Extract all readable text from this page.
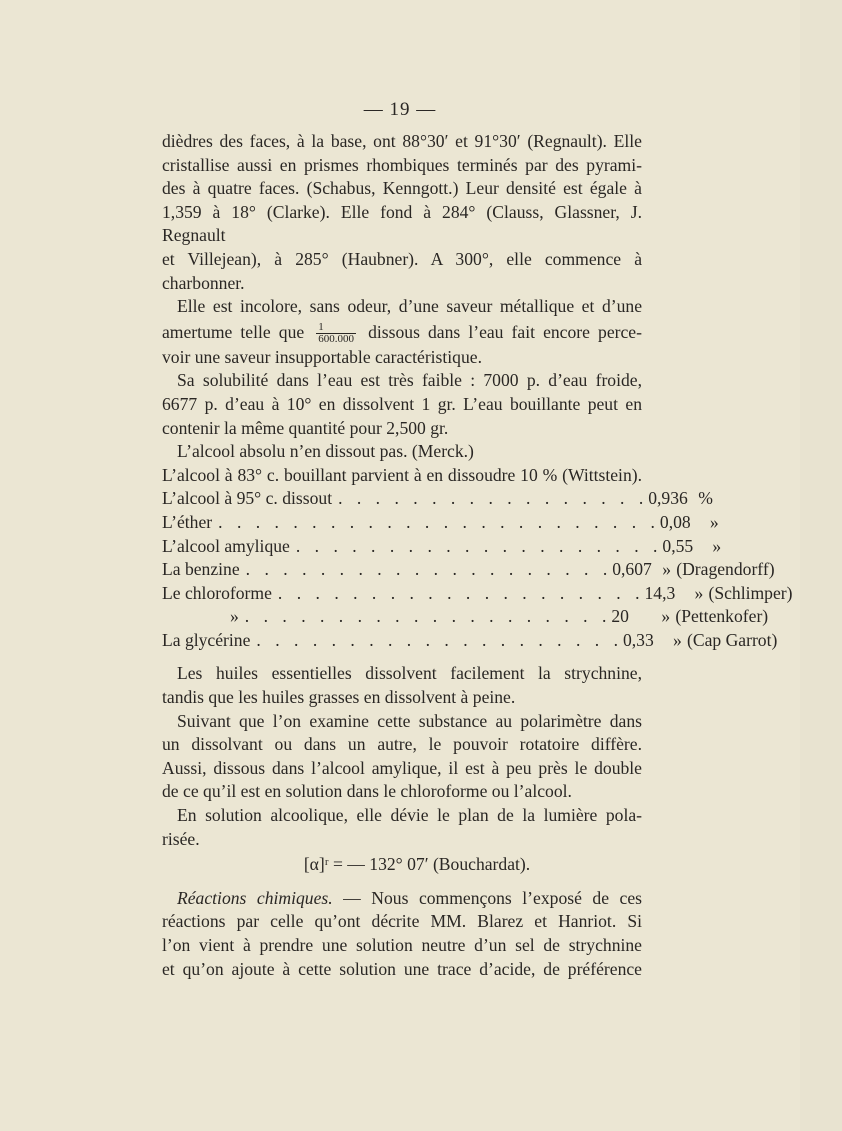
— 19 —

dièdres des faces, à la base, ont 88°30′ et 91°30′ (Regnault). Elle
cristallise aussi en prismes rhombiques terminés par des pyrami-
des à quatre faces. (Schabus, Kenngott.) Leur densité est égale à
1,359 à 18° (Clarke). Elle fond à 284° (Clauss, Glassner, J. Regnault
et Villejean), à 285° (Haubner). A 300°, elle commence à charbonner.

Elle est incolore, sans odeur, d’une saveur métallique et d’une
amertume telle que $\frac{1}{600.000}$ dissous dans l’eau fait encore perce-
voir une saveur insupportable caractéristique.

Sa solubilité dans l’eau est très faible : 7000 p. d’eau froide,
6677 p. d’eau à 10° en dissolvent 1 gr. L’eau bouillante peut en
contenir la même quantité pour 2,500 gr.

L’alcool absolu n’en dissout pas. (Merck.)
L’alcool à 83° c. bouillant parvient à en dissoudre 10 % (Wittstein).

L’alcool à 95° c. dissout . . . . . . . . . . . . . . . . . 0,936 %
L’éther . . . . . . . . . . . . . . . . . . . . . . . . 0,08	»
L’alcool amylique . . . . . . . . . . . . . . . . . . . . 0,55	»
La benzine . . . . . . . . . . . . . . . . . . . . 0,607 » (Dragendorff)
Le chloroforme . . . . . . . . . . . . . . . . . . . . 14,3	» (Schlimper)
» . . . . . . . . . . . . . . . . . . . . 20	» (Pettenkofer)
La glycérine . . . . . . . . . . . . . . . . . . . . 0,33	» (Cap Garrot)

Les huiles essentielles dissolvent facilement la strychnine,
tandis que les huiles grasses en dissolvent à peine.

Suivant que l’on examine cette substance au polarimètre dans
un dissolvant ou dans un autre, le pouvoir rotatoire diffère.
Aussi, dissous dans l’alcool amylique, il est à peu près le double
de ce qu’il est en solution dans le chloroforme ou l’alcool.

En solution alcoolique, elle dévie le plan de la lumière pola-
risée.

[α]ʳ = — 132° 07′ (Bouchardat).

Réactions chimiques. — Nous commençons l’exposé de ces
réactions par celle qu’ont décrite MM. Blarez et Hanriot. Si
l’on vient à prendre une solution neutre d’un sel de strychnine
et qu’on ajoute à cette solution une trace d’acide, de préférence
